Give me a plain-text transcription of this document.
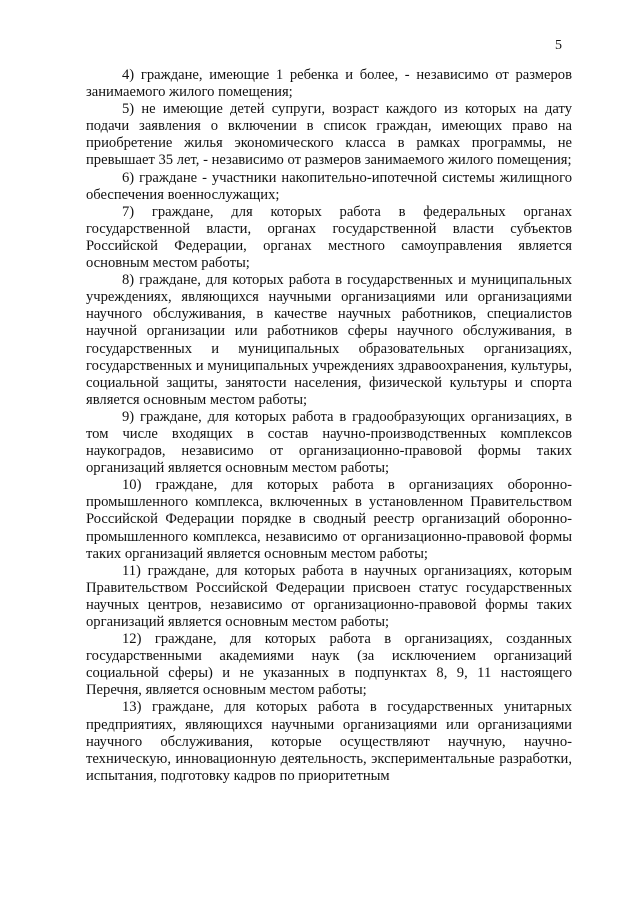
5

4) граждане, имеющие 1 ребенка и более, - независимо от размеров занимаемого жилого помещения;

5) не имеющие детей супруги, возраст каждого из которых на дату подачи заявления о включении в список граждан, имеющих право на приобретение жилья экономического класса в рамках программы, не превышает 35 лет, - независимо от размеров занимаемого жилого помещения;

6) граждане - участники накопительно-ипотечной системы жилищного обеспечения военнослужащих;

7) граждане, для которых работа в федеральных органах государственной власти, органах государственной власти субъектов Российской Федерации, органах местного самоуправления является основным местом работы;

8) граждане, для которых работа в государственных и муниципальных учреждениях, являющихся научными организациями или организациями научного обслуживания, в качестве научных работников, специалистов научной организации или работников сферы научного обслуживания, в государственных и муниципальных образовательных организациях, государственных и муниципальных учреждениях здравоохранения, культуры, социальной защиты, занятости населения, физической культуры и спорта является основным местом работы;

9) граждане, для которых работа в градообразующих организациях, в том числе входящих в состав научно-производственных комплексов наукоградов, независимо от организационно-правовой формы таких организаций является основным местом работы;

10) граждане, для которых работа в организациях оборонно-промышленного комплекса, включенных в установленном Правительством Российской Федерации порядке в сводный реестр организаций оборонно-промышленного комплекса, независимо от организационно-правовой формы таких организаций является основным местом работы;

11) граждане, для которых работа в научных организациях, которым Правительством Российской Федерации присвоен статус государственных научных центров, независимо от организационно-правовой формы таких организаций является основным местом работы;

12) граждане, для которых работа в организациях, созданных государственными академиями наук (за исключением организаций социальной сферы) и не указанных в подпунктах 8, 9, 11 настоящего Перечня, является основным местом работы;

13) граждане, для которых работа в государственных унитарных предприятиях, являющихся научными организациями или организациями научного обслуживания, которые осуществляют научную, научно-техническую, инновационную деятельность, экспериментальные разработки, испытания, подготовку кадров по приоритетным
